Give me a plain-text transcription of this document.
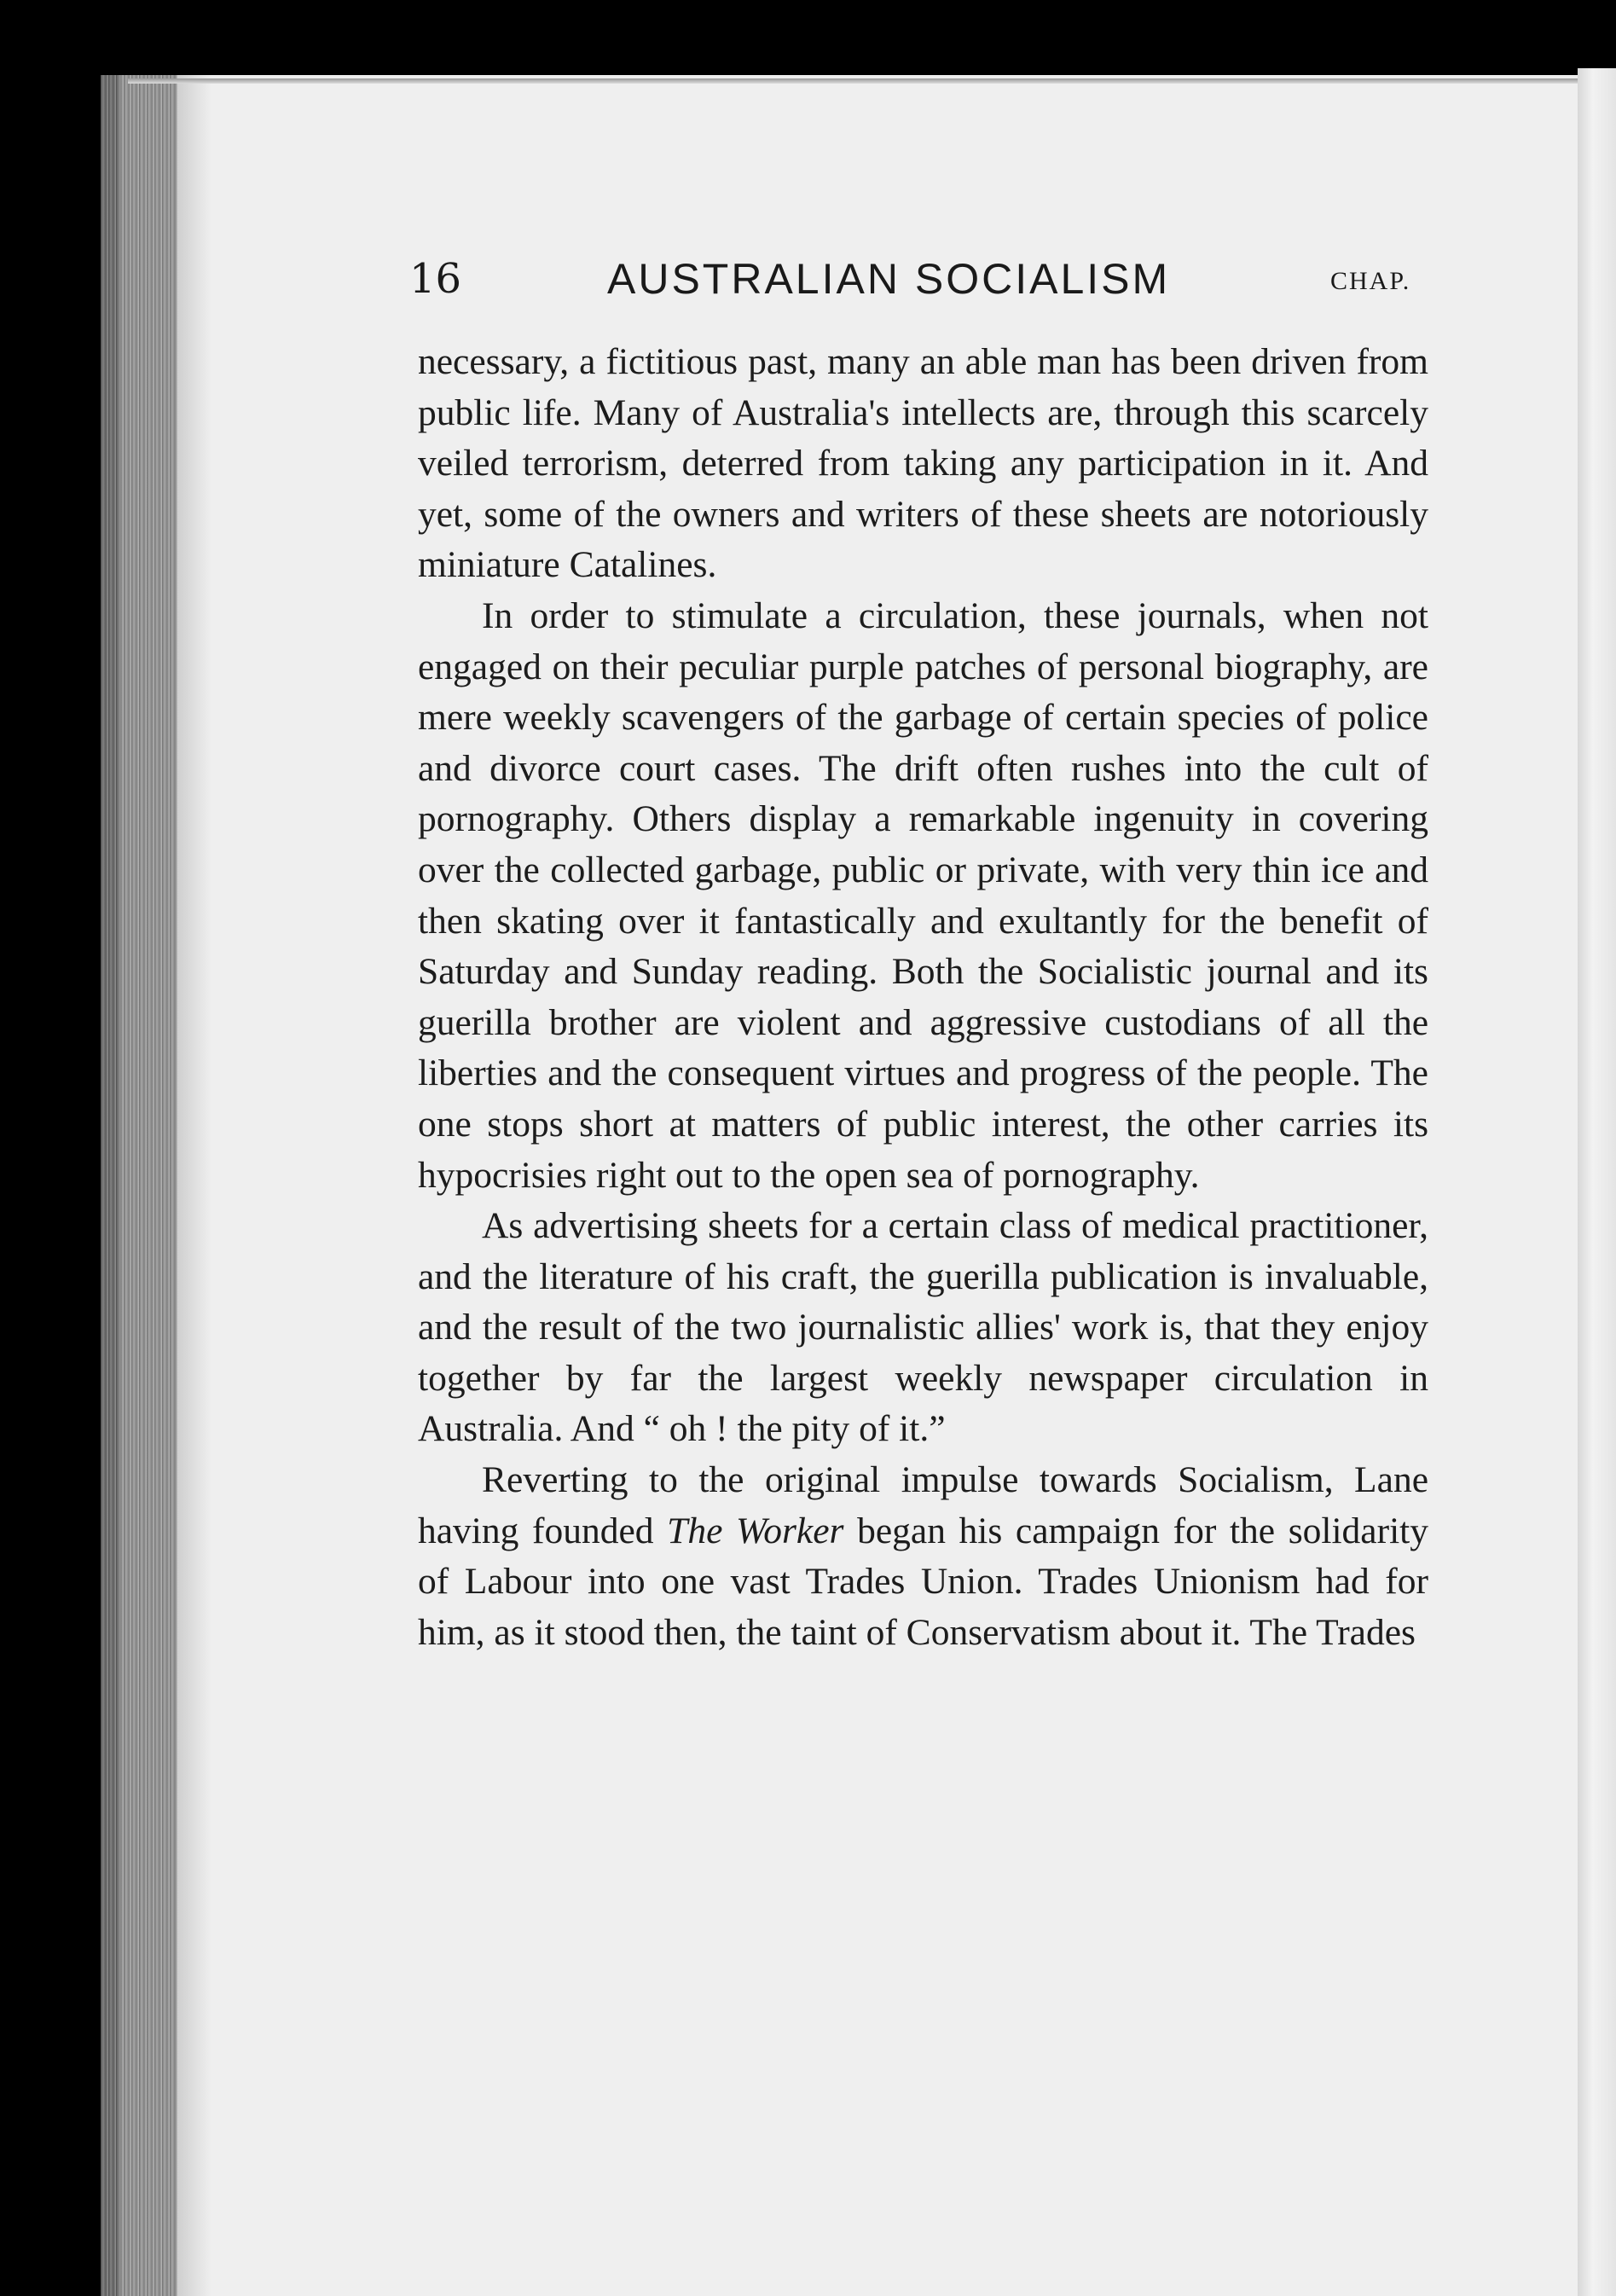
16	AUSTRALIAN SOCIALISM	CHAP.

necessary, a fictitious past, many an able man has been driven from public life. Many of Australia's intellects are, through this scarcely veiled terrorism, deterred from taking any participation in it. And yet, some of the owners and writers of these sheets are notoriously miniature Catalines.

In order to stimulate a circulation, these journals, when not engaged on their peculiar purple patches of personal biography, are mere weekly scavengers of the garbage of certain species of police and divorce court cases. The drift often rushes into the cult of pornography. Others display a remarkable ingenuity in covering over the collected garbage, public or private, with very thin ice and then skating over it fantastically and exultantly for the benefit of Saturday and Sunday reading. Both the Socialistic journal and its guerilla brother are violent and aggressive custodians of all the liberties and the consequent virtues and progress of the people. The one stops short at matters of public interest, the other carries its hypocrisies right out to the open sea of pornography.

As advertising sheets for a certain class of medical practitioner, and the literature of his craft, the guerilla publication is invaluable, and the result of the two journalistic allies' work is, that they enjoy together by far the largest weekly newspaper circulation in Australia. And “ oh ! the pity of it.”

Reverting to the original impulse towards Socialism, Lane having founded The Worker began his campaign for the solidarity of Labour into one vast Trades Union. Trades Unionism had for him, as it stood then, the taint of Conservatism about it. The Trades
